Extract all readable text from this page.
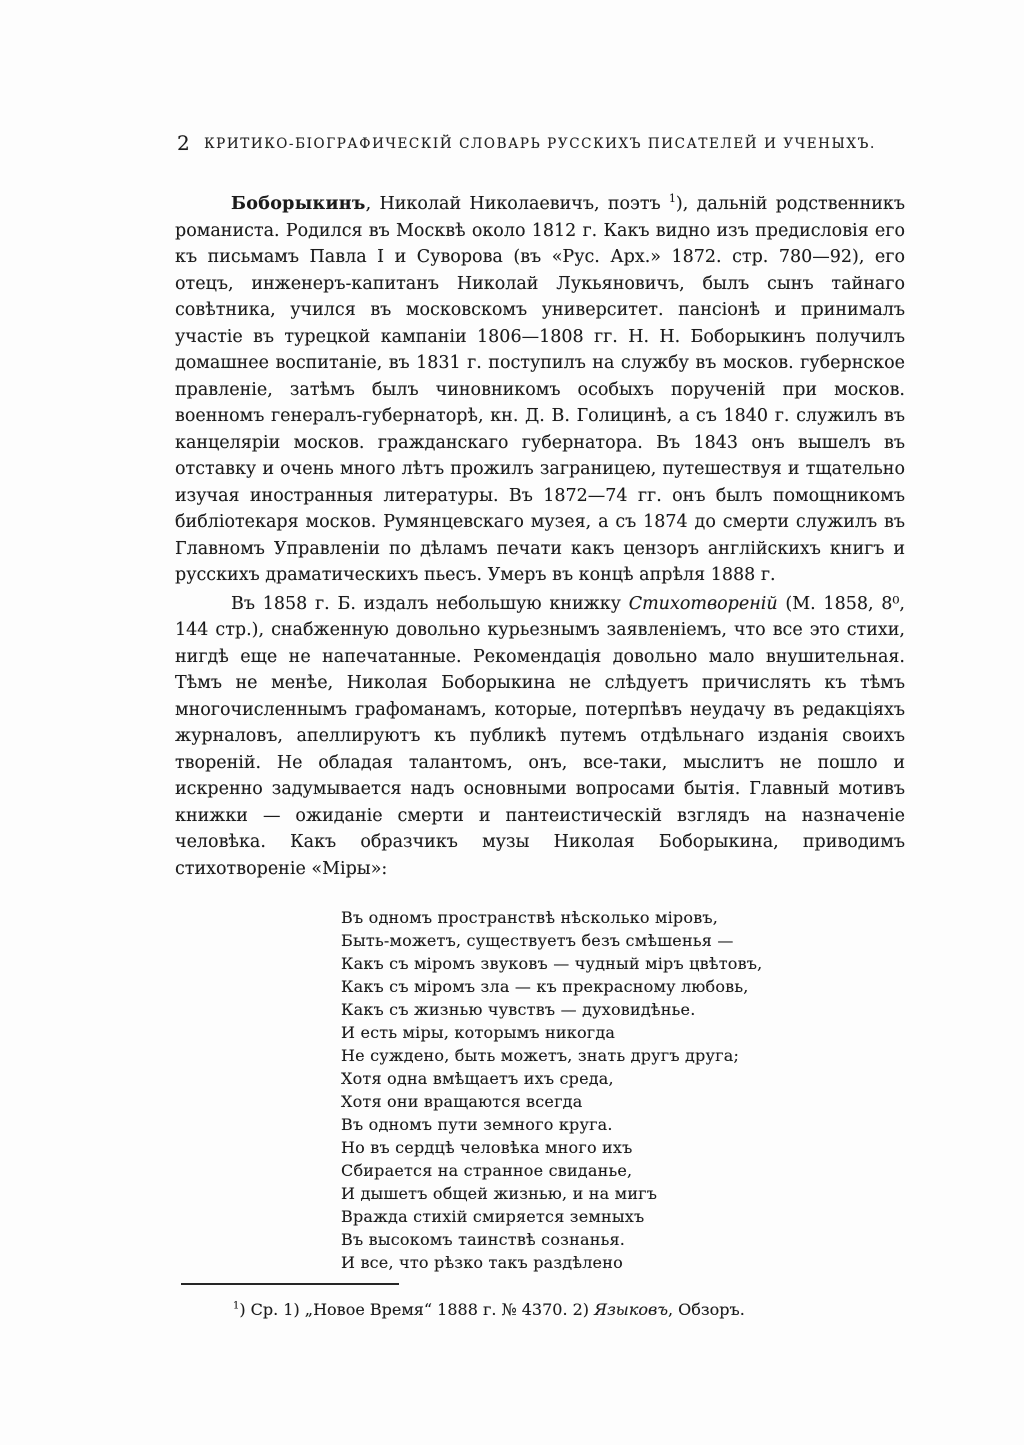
2 КРИТИКО-БІОГРАФИЧЕСКІЙ СЛОВАРЬ РУССКИХЪ ПИСАТЕЛЕЙ И УЧЕНЫХЪ.

Боборыкинъ, Николай Николаевичъ, поэтъ $^1$), дальній родственникъ романиста. Родился въ Москвѣ около 1812 г. Какъ видно изъ предисловія его къ письмамъ Павла I и Суворова (въ «Рус. Арх.» 1872. стр. 780—92), его отецъ, инженеръ-капитанъ Николай Лукьяновичъ, былъ сынъ тайнаго совѣтника, учился въ московскомъ университет. пансіонѣ и принималъ участіе въ турецкой кампаніи 1806—1808 гг. Н. Н. Боборыкинъ получилъ домашнее воспитаніе, въ 1831 г. поступилъ на службу въ москов. губернское правленіе, затѣмъ былъ чиновникомъ особыхъ порученій при москов. военномъ генералъ-губернаторѣ, кн. Д. В. Голицинѣ, а съ 1840 г. служилъ въ канцеляріи москов. гражданскаго губернатора. Въ 1843 онъ вышелъ въ отставку и очень много лѣтъ прожилъ заграницею, путешествуя и тщательно изучая иностранныя литературы. Въ 1872—74 гг. онъ былъ помощникомъ библіотекаря москов. Румянцевскаго музея, а съ 1874 до смерти служилъ въ Главномъ Управленіи по дѣламъ печати какъ цензоръ англійскихъ книгъ и русскихъ драматическихъ пьесъ. Умеръ въ концѣ апрѣля 1888 г.

Въ 1858 г. Б. издалъ небольшую книжку Стихотвореній (М. 1858, 8⁰, 144 стр.), снабженную довольно курьезнымъ заявленіемъ, что все это стихи, нигдѣ еще не напечатанные. Рекомендація довольно мало внушительная. Тѣмъ не менѣе, Николая Боборыкина не слѣдуетъ причислять къ тѣмъ многочисленнымъ графоманамъ, которые, потерпѣвъ неудачу въ редакціяхъ журналовъ, апеллируютъ къ публикѣ путемъ отдѣльнаго изданія своихъ твореній. Не обладая талантомъ, онъ, все-таки, мыслитъ не пошло и искренно задумывается надъ основными вопросами бытія. Главный мотивъ книжки — ожиданіе смерти и пантеистическій взглядъ на назначеніе человѣка. Какъ образчикъ музы Николая Боборыкина, приводимъ стихотвореніе «Міры»:

Въ одномъ пространствѣ нѣсколько міровъ,
Быть-можетъ, существуетъ безъ смѣшенья —
Какъ съ міромъ звуковъ — чудный міръ цвѣтовъ,
Какъ съ міромъ зла — къ прекрасному любовь,
Какъ съ жизнью чувствъ — духовидѣнье.
И есть міры, которымъ никогда
Не суждено, быть можетъ, знать другъ друга;
Хотя одна вмѣщаетъ ихъ среда,
Хотя они вращаются всегда
Въ одномъ пути земного круга.
Но въ сердцѣ человѣка много ихъ
Сбирается на странное свиданье,
И дышетъ общей жизнью, и на мигъ
Вражда стихій смиряется земныхъ
Въ высокомъ таинствѣ сознанья.
И все, что рѣзко такъ раздѣлено

$^1$) Ср. 1) „Новое Время“ 1888 г. № 4370. 2) Языковъ, Обзоръ.
